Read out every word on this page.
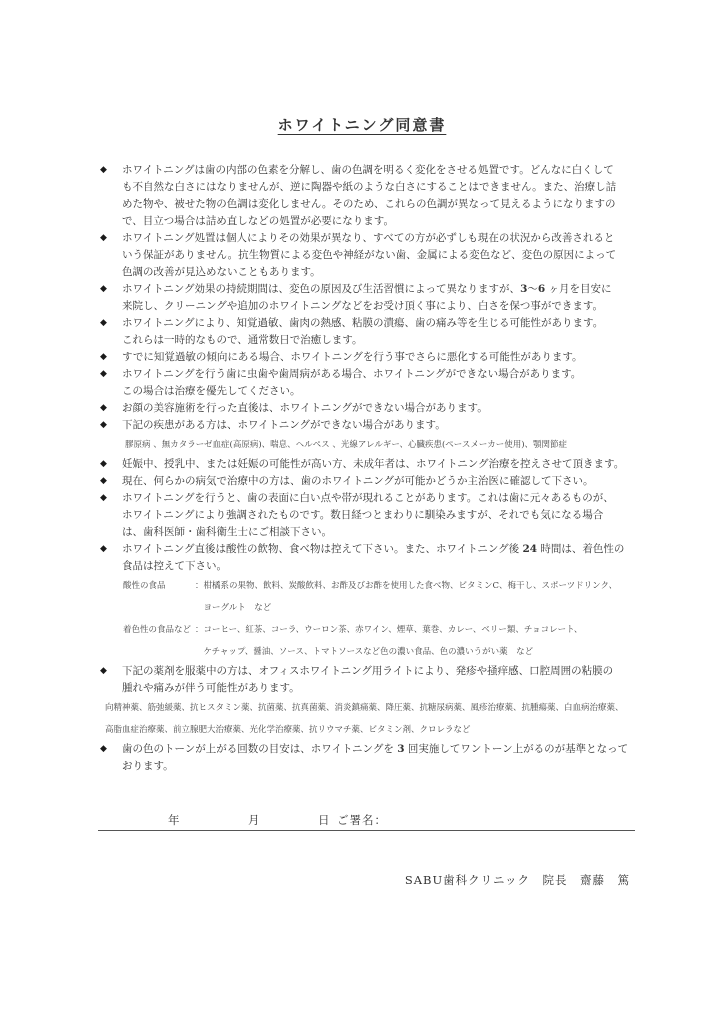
ホワイトニング同意書
◆	ホワイトニングは歯の内部の色素を分解し、歯の色調を明るく変化をさせる処置です。どんなに白くして
も不自然な白さにはなりませんが、逆に陶器や紙のような白さにすることはできません。また、治療し詰
めた物や、被せた物の色調は変化しません。そのため、これらの色調が異なって見えるようになりますの
で、目立つ場合は詰め直しなどの処置が必要になります。
◆	ホワイトニング処置は個人によりその効果が異なり、すべての方が必ずしも現在の状況から改善されると
いう保証がありません。抗生物質による変色や神経がない歯、金属による変色など、変色の原因によって
色調の改善が見込めないこともあります。
◆	ホワイトニング効果の持続期間は、変色の原因及び生活習慣によって異なりますが、3～6 ヶ月を目安に
来院し、クリーニングや追加のホワイトニングなどをお受け頂く事により、白さを保つ事ができます。
◆	ホワイトニングにより、知覚過敏、歯肉の熱感、粘膜の潰瘍、歯の痛み等を生じる可能性があります。
これらは一時的なもので、通常数日で治癒します。
◆	すでに知覚過敏の傾向にある場合、ホワイトニングを行う事でさらに悪化する可能性があります。
◆	ホワイトニングを行う歯に虫歯や歯周病がある場合、ホワイトニングができない場合があります。
この場合は治療を優先してください。
◆	お顔の美容施術を行った直後は、ホワイトニングができない場合があります。
◆	下記の疾患がある方は、ホワイトニングができない場合があります。
膠原病 、無カタラーゼ血症(高原病)、喘息、ヘルペス 、光線アレルギー、心臓疾患(ペースメーカー使用)、顎関節症
◆	妊娠中、授乳中、または妊娠の可能性が高い方、未成年者は、ホワイトニング治療を控えさせて頂きます。
◆	現在、何らかの病気で治療中の方は、歯のホワイトニングが可能かどうか主治医に確認して下さい。
◆	ホワイトニングを行うと、歯の表面に白い点や帯が現れることがあります。これは歯に元々あるものが、
ホワイトニングにより強調されたものです。数日経つとまわりに馴染みますが、それでも気になる場合
は、歯科医師・歯科衛生士にご相談下さい。
◆	ホワイトニング直後は酸性の飲物、食べ物は控えて下さい。また、ホワイトニング後 24 時間は、着色性の
食品は控えて下さい。
酸性の食品	： 柑橘系の果物、飲料、炭酸飲料、お酢及びお酢を使用した食べ物、ビタミンC、梅干し、スポーツドリンク、
ヨーグルト　など
着色性の食品など ： コーヒー、紅茶、コーラ、ウーロン茶、赤ワイン、煙草、葉巻、カレー、ベリー類、チョコレート、
ケチャップ、醤油、ソース、トマトソースなど色の濃い食品、色の濃いうがい薬　など
◆	下記の薬剤を服薬中の方は、オフィスホワイトニング用ライトにより、発疹や掻痒感、口腔周囲の粘膜の
腫れや痛みが伴う可能性があります。
向精神薬、筋弛緩薬、抗ヒスタミン薬、抗菌薬、抗真菌薬、消炎鎮痛薬、降圧薬、抗糖尿病薬、風疹治療薬、抗腫瘍薬、白血病治療薬、
高脂血症治療薬、前立腺肥大治療薬、光化学治療薬、抗リウマチ薬、ビタミン剤、クロレラなど
◆	歯の色のトーンが上がる回数の目安は、ホワイトニングを 3 回実施してワントーン上がるのが基準となって
おります。
年	月	日 ご署名：
SABU歯科クリニック　院長　齋藤　篤
